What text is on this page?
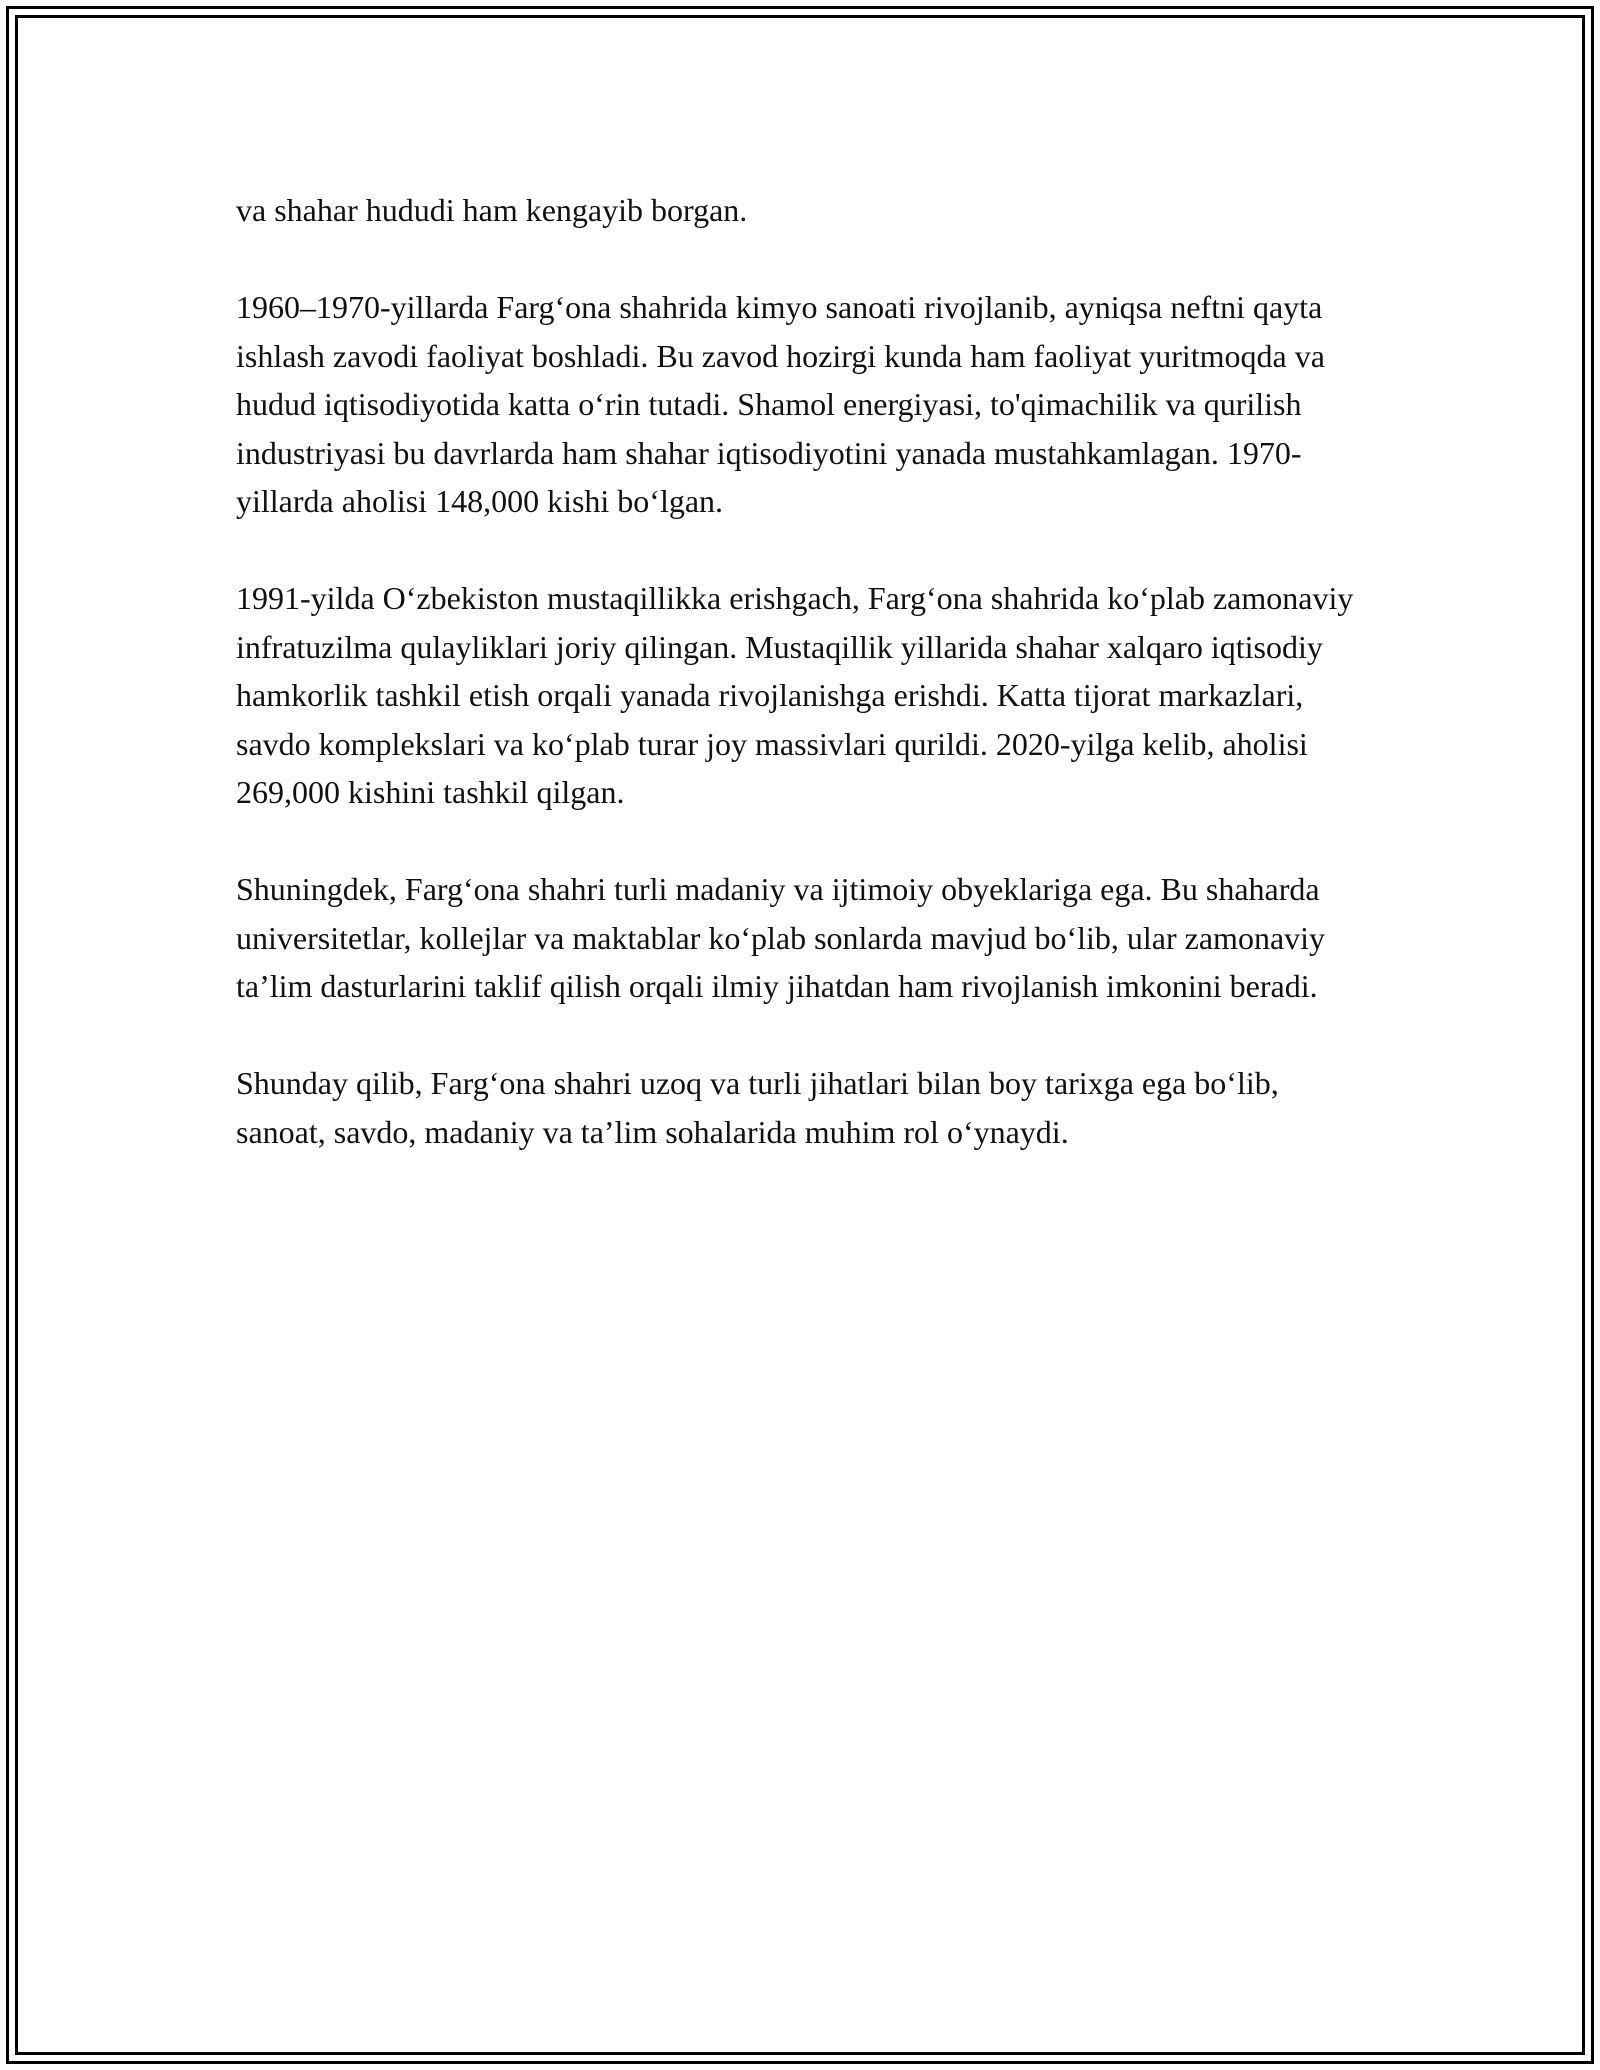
va shahar hududi ham kengayib borgan.

1960–1970-yillarda Farg‘ona shahrida kimyo sanoati rivojlanib, ayniqsa neftni qayta ishlash zavodi faoliyat boshladi. Bu zavod hozirgi kunda ham faoliyat yuritmoqda va hudud iqtisodiyotida katta o‘rin tutadi. Shamol energiyasi, to'qimachilik va qurilish industriyasi bu davrlarda ham shahar iqtisodiyotini yanada mustahkamlagan. 1970-yillarda aholisi 148,000 kishi bo‘lgan.

1991-yilda O‘zbekiston mustaqillikka erishgach, Farg‘ona shahrida ko‘plab zamonaviy infratuzilma qulayliklari joriy qilingan. Mustaqillik yillarida shahar xalqaro iqtisodiy hamkorlik tashkil etish orqali yanada rivojlanishga erishdi. Katta tijorat markazlari, savdo komplekslari va ko‘plab turar joy massivlari qurildi. 2020-yilga kelib, aholisi 269,000 kishini tashkil qilgan.

Shuningdek, Farg‘ona shahri turli madaniy va ijtimoiy obyeklariga ega. Bu shaharda universitetlar, kollejlar va maktablar ko‘plab sonlarda mavjud bo‘lib, ular zamonaviy ta’lim dasturlarini taklif qilish orqali ilmiy jihatdan ham rivojlanish imkonini beradi.

Shunday qilib, Farg‘ona shahri uzoq va turli jihatlari bilan boy tarixga ega bo‘lib, sanoat, savdo, madaniy va ta’lim sohalarida muhim rol o‘ynaydi.
